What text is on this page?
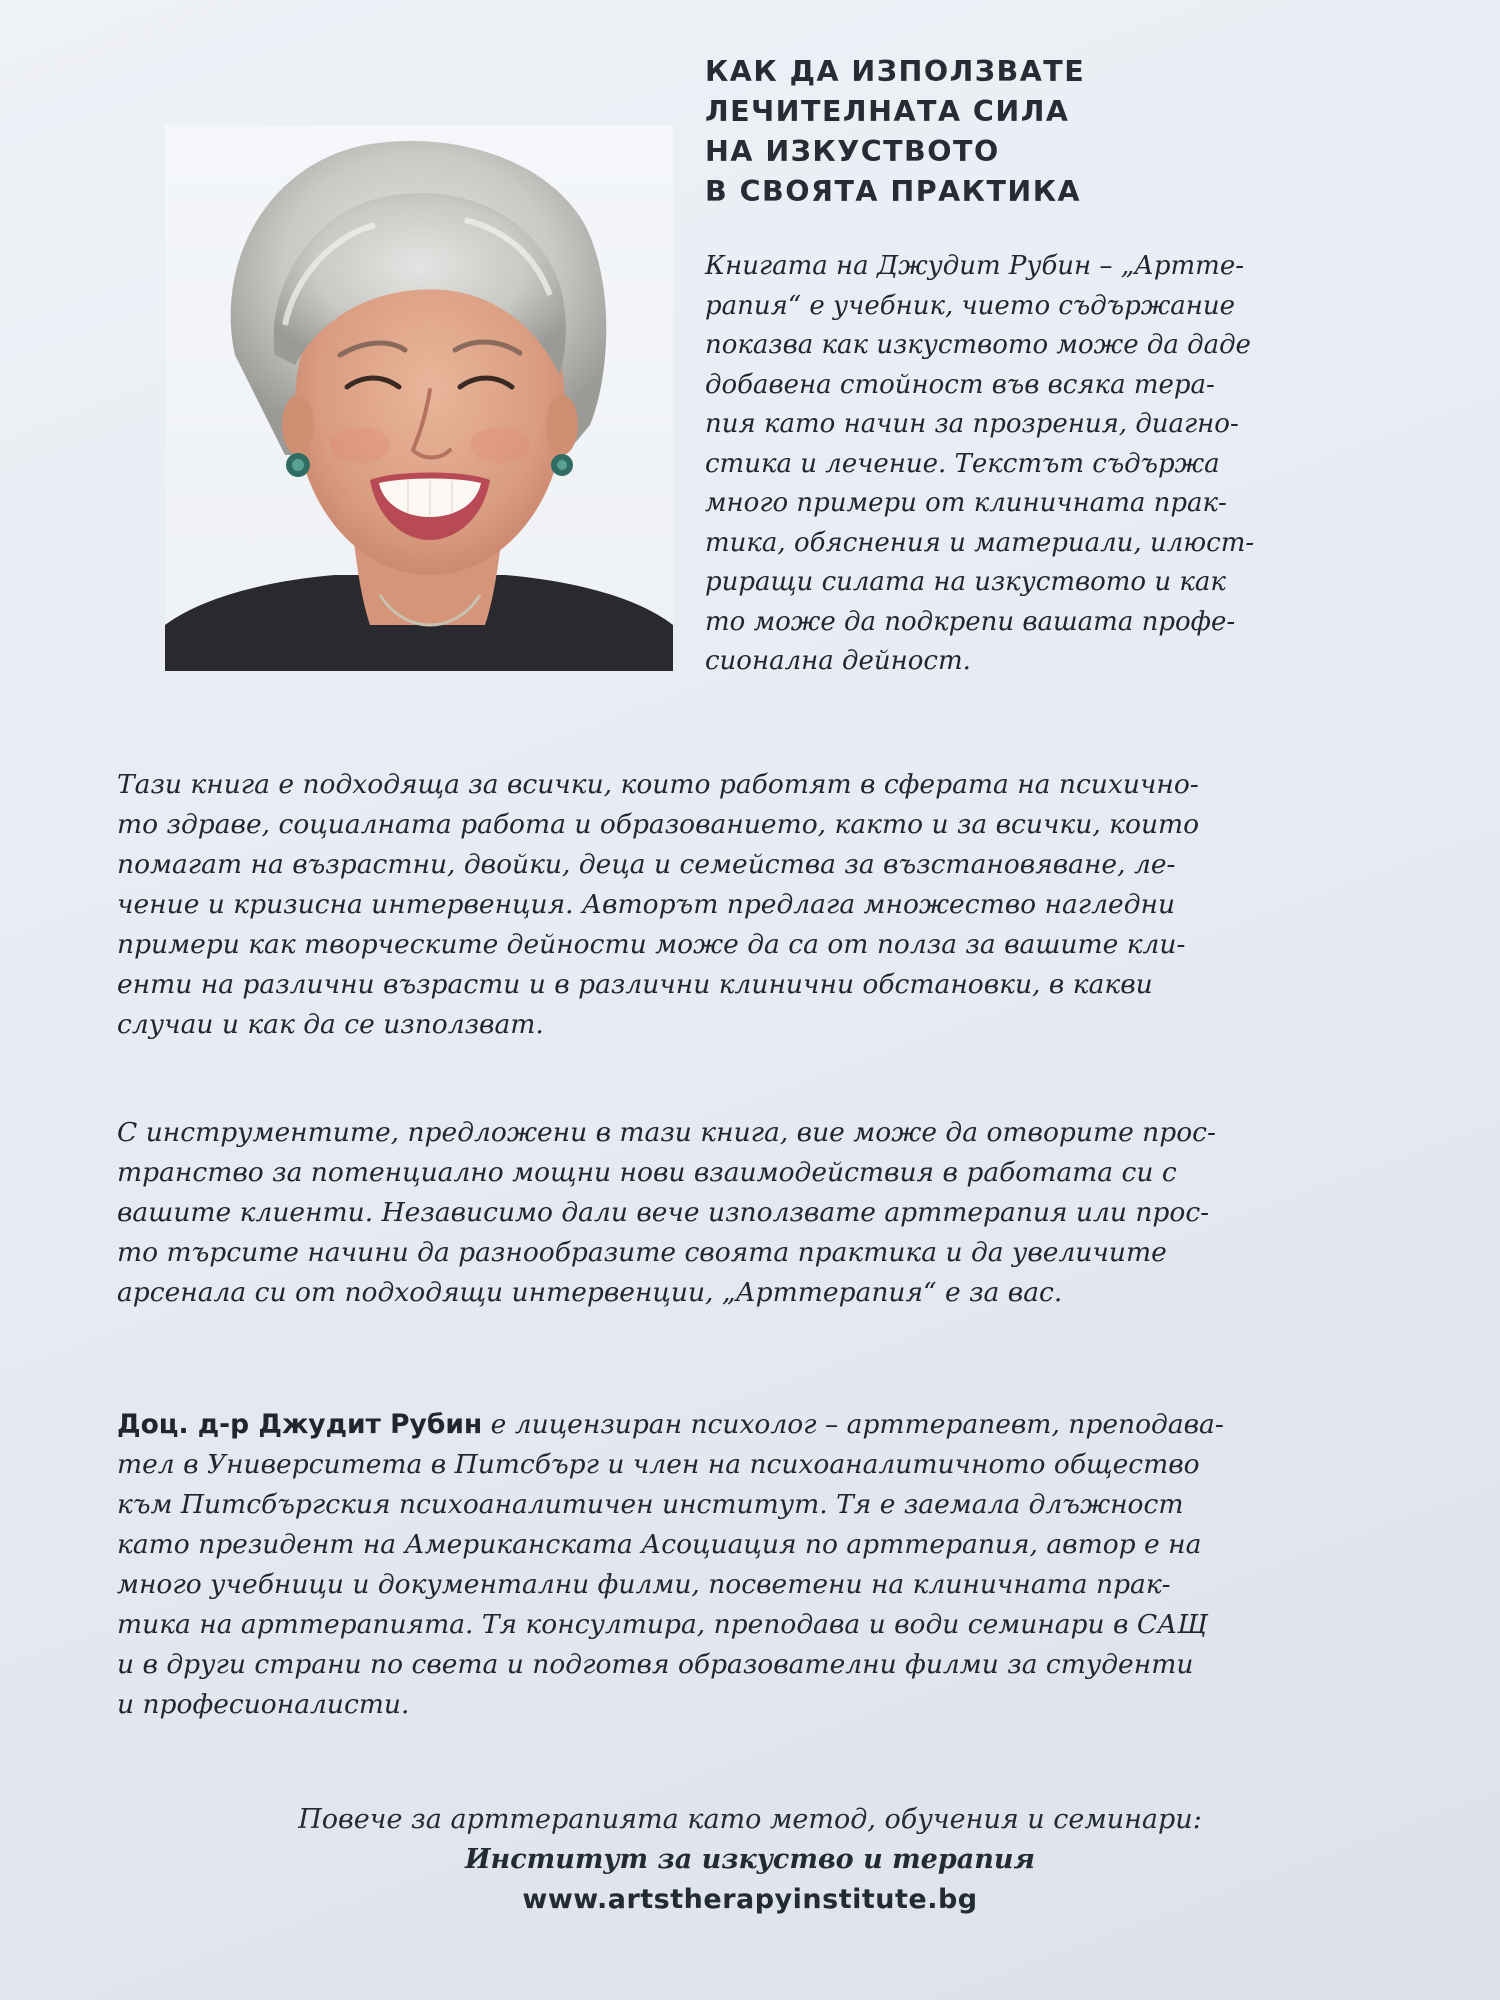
КАК ДА ИЗПОЛЗВАТЕ
ЛЕЧИТЕЛНАТА СИЛА
НА ИЗКУСТВОТО
В СВОЯТА ПРАКТИКА

Книгата на Джудит Рубин – „Артте-
рапия“ е учебник, чието съдържание
показва как изкуството може да даде
добавена стойност във всяка тера-
пия като начин за прозрения, диагно-
стика и лечение. Текстът съдържа
много примери от клиничната прак-
тика, обяснения и материали, илюст-
риращи силата на изкуството и как
то може да подкрепи вашата профе-
сионална дейност.

Тази книга е подходяща за всички, които работят в сферата на психично-
то здраве, социалната работа и образованието, както и за всички, които
помагат на възрастни, двойки, деца и семейства за възстановяване, ле-
чение и кризисна интервенция. Авторът предлага множество нагледни
примери как творческите дейности може да са от полза за вашите кли-
енти на различни възрасти и в различни клинични обстановки, в какви
случаи и как да се използват.

С инструментите, предложени в тази книга, вие може да отворите прос-
транство за потенциално мощни нови взаимодействия в работата си с
вашите клиенти. Независимо дали вече използвате арттерапия или прос-
то търсите начини да разнообразите своята практика и да увеличите
арсенала си от подходящи интервенции, „Арттерапия“ е за вас.

Доц. д-р Джудит Рубин е лицензиран психолог – арттерапевт, преподава-
тел в Университета в Питсбърг и член на психоаналитичното общество
към Питсбъргския психоаналитичен институт. Тя е заемала длъжност
като президент на Американската Асоциация по арттерапия, автор е на
много учебници и документални филми, посветени на клиничната прак-
тика на арттерапията. Тя консултира, преподава и води семинари в САЩ
и в други страни по света и подготвя образователни филми за студенти
и професионалисти.

Повече за арттерапията като метод, обучения и семинари:
Институт за изкуство и терапия
www.artstherapyinstitute.bg
